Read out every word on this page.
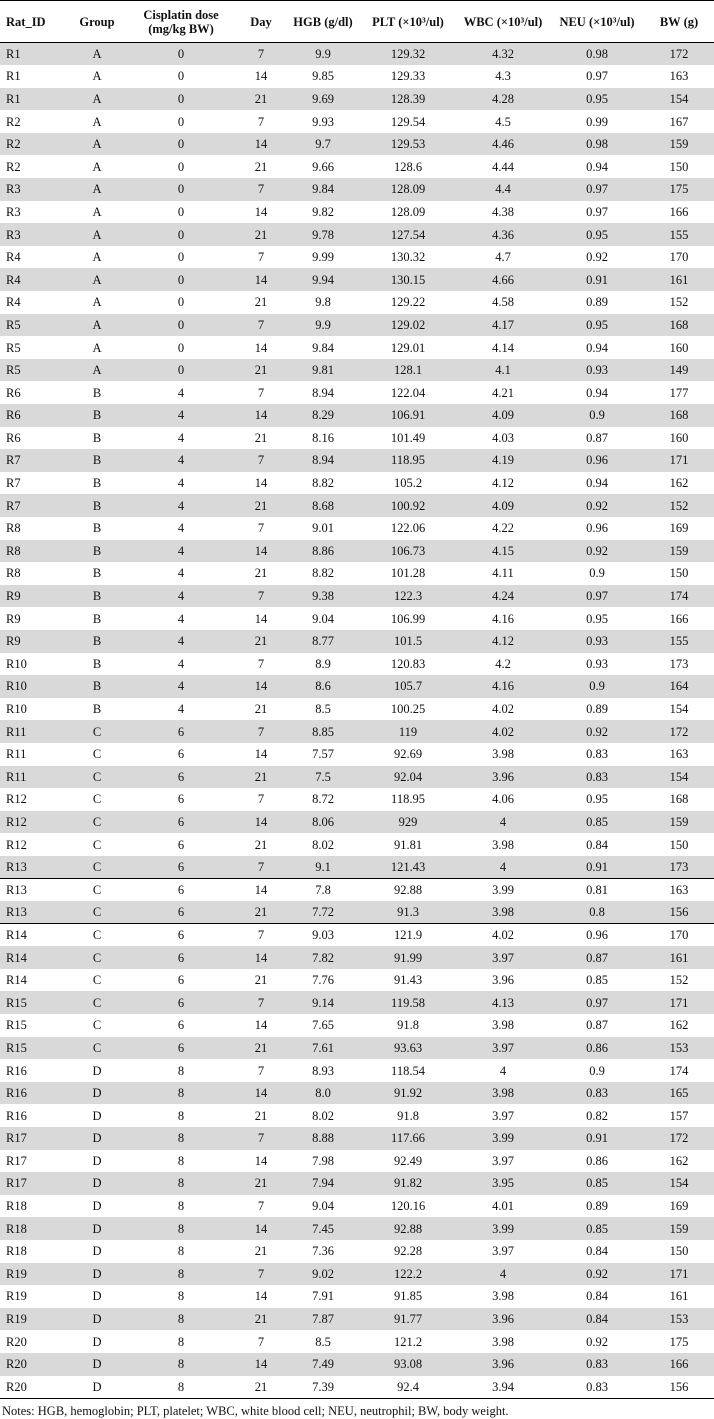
Rat_ID	Group	Cisplatin dose (mg/kg BW)	Day	HGB (g/dl)	PLT (×10³/ul)	WBC (×10³/ul)	NEU (×10³/ul)	BW (g)
R1	A	0	7	9.9	129.32	4.32	0.98	172
R1	A	0	14	9.85	129.33	4.3	0.97	163
R1	A	0	21	9.69	128.39	4.28	0.95	154
R2	A	0	7	9.93	129.54	4.5	0.99	167
R2	A	0	14	9.7	129.53	4.46	0.98	159
R2	A	0	21	9.66	128.6	4.44	0.94	150
R3	A	0	7	9.84	128.09	4.4	0.97	175
R3	A	0	14	9.82	128.09	4.38	0.97	166
R3	A	0	21	9.78	127.54	4.36	0.95	155
R4	A	0	7	9.99	130.32	4.7	0.92	170
R4	A	0	14	9.94	130.15	4.66	0.91	161
R4	A	0	21	9.8	129.22	4.58	0.89	152
R5	A	0	7	9.9	129.02	4.17	0.95	168
R5	A	0	14	9.84	129.01	4.14	0.94	160
R5	A	0	21	9.81	128.1	4.1	0.93	149
R6	B	4	7	8.94	122.04	4.21	0.94	177
R6	B	4	14	8.29	106.91	4.09	0.9	168
R6	B	4	21	8.16	101.49	4.03	0.87	160
R7	B	4	7	8.94	118.95	4.19	0.96	171
R7	B	4	14	8.82	105.2	4.12	0.94	162
R7	B	4	21	8.68	100.92	4.09	0.92	152
R8	B	4	7	9.01	122.06	4.22	0.96	169
R8	B	4	14	8.86	106.73	4.15	0.92	159
R8	B	4	21	8.82	101.28	4.11	0.9	150
R9	B	4	7	9.38	122.3	4.24	0.97	174
R9	B	4	14	9.04	106.99	4.16	0.95	166
R9	B	4	21	8.77	101.5	4.12	0.93	155
R10	B	4	7	8.9	120.83	4.2	0.93	173
R10	B	4	14	8.6	105.7	4.16	0.9	164
R10	B	4	21	8.5	100.25	4.02	0.89	154
R11	C	6	7	8.85	119	4.02	0.92	172
R11	C	6	14	7.57	92.69	3.98	0.83	163
R11	C	6	21	7.5	92.04	3.96	0.83	154
R12	C	6	7	8.72	118.95	4.06	0.95	168
R12	C	6	14	8.06	929	4	0.85	159
R12	C	6	21	8.02	91.81	3.98	0.84	150
R13	C	6	7	9.1	121.43	4	0.91	173
R13	C	6	14	7.8	92.88	3.99	0.81	163
R13	C	6	21	7.72	91.3	3.98	0.8	156
R14	C	6	7	9.03	121.9	4.02	0.96	170
R14	C	6	14	7.82	91.99	3.97	0.87	161
R14	C	6	21	7.76	91.43	3.96	0.85	152
R15	C	6	7	9.14	119.58	4.13	0.97	171
R15	C	6	14	7.65	91.8	3.98	0.87	162
R15	C	6	21	7.61	93.63	3.97	0.86	153
R16	D	8	7	8.93	118.54	4	0.9	174
R16	D	8	14	8.0	91.92	3.98	0.83	165
R16	D	8	21	8.02	91.8	3.97	0.82	157
R17	D	8	7	8.88	117.66	3.99	0.91	172
R17	D	8	14	7.98	92.49	3.97	0.86	162
R17	D	8	21	7.94	91.82	3.95	0.85	154
R18	D	8	7	9.04	120.16	4.01	0.89	169
R18	D	8	14	7.45	92.88	3.99	0.85	159
R18	D	8	21	7.36	92.28	3.97	0.84	150
R19	D	8	7	9.02	122.2	4	0.92	171
R19	D	8	14	7.91	91.85	3.98	0.84	161
R19	D	8	21	7.87	91.77	3.96	0.84	153
R20	D	8	7	8.5	121.2	3.98	0.92	175
R20	D	8	14	7.49	93.08	3.96	0.83	166
R20	D	8	21	7.39	92.4	3.94	0.83	156
Notes: HGB, hemoglobin; PLT, platelet; WBC, white blood cell; NEU, neutrophil; BW, body weight.
